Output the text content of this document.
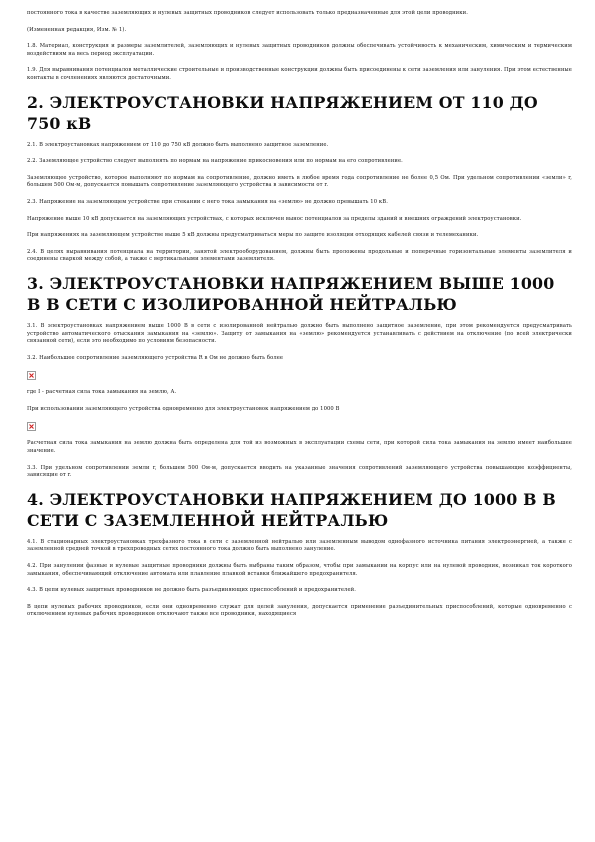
постоянного тока в качестве заземляющих и нулевых защитных проводников следует использовать только предназначенные для этой цели проводники.

(Измененная редакция, Изм. № 1).

1.8. Материал, конструкция и размеры заземлителей, заземляющих и нулевых защитных проводников должны обеспечивать устойчивость к механическим, химическим и термическим воздействиям на весь период эксплуатации.

1.9. Для выравнивания потенциалов металлические строительные и производственные конструкции должны быть присоединены к сети заземления или зануления. При этом естественные контакты в сочленениях являются достаточными.

2. ЭЛЕКТРОУСТАНОВКИ НАПРЯЖЕНИЕМ ОТ 110 ДО 750 кВ

2.1. В электроустановках напряжением от 110 до 750 кВ должно быть выполнено защитное заземление.

2.2. Заземляющее устройство следует выполнять по нормам на напряжение прикосновения или по нормам на его сопротивление.

Заземляющее устройство, которое выполняют по нормам на сопротивление, должно иметь в любое время года сопротивление не более 0,5 Ом. При удельном сопротивлении «земли» r, большем 500 Ом·м, допускается повышать сопротивление заземляющего устройства в зависимости от r.

2.3. Напряжение на заземляющем устройстве при стекании с него тока замыкания на «землю» не должно превышать 10 кВ.

Напряжение выше 10 кВ допускается на заземляющих устройствах, с которых исключен вынос потенциалов за пределы зданий и внешних ограждений электроустановки.

При напряжениях на заземляющем устройстве выше 5 кВ должны предусматриваться меры по защите изоляции отходящих кабелей связи и телемеханики.

2.4. В целях выравнивания потенциала на территории, занятой электрооборудованием, должны быть проложены продольные и поперечные горизонтальные элементы заземлителя и соединены сваркой между собой, а также с вертикальными элементами заземлителя.

3. ЭЛЕКТРОУСТАНОВКИ НАПРЯЖЕНИЕМ ВЫШЕ 1000 В В СЕТИ С ИЗОЛИРОВАННОЙ НЕЙТРАЛЬЮ

3.1. В электроустановках напряжением выше 1000 В в сети с изолированной нейтралью должно быть выполнено защитное заземление, при этом рекомендуется предусматривать устройство автоматического отыскания замыкания на «землю». Защиту от замыкания на «землю» рекомендуется устанавливать с действием на отключение (по всей электрически связанной сети), если это необходимо по условиям безопасности.

3.2. Наибольшее сопротивление заземляющего устройства R в Ом не должно быть более

где I - расчетная сила тока замыкания на землю, А.

При использовании заземляющего устройства одновременно для электроустановок напряжением до 1000 В

Расчетная сила тока замыкания на землю должна быть определена для той из возможных в эксплуатации схемы сети, при которой сила тока замыкания на землю имеет наибольшее значение.

3.3. При удельном сопротивлении земли r, большем 500 Ом·м, допускается вводить на указанные значения сопротивлений заземляющего устройства повышающие коэффициенты, зависящие от r.

4. ЭЛЕКТРОУСТАНОВКИ НАПРЯЖЕНИЕМ ДО 1000 В В СЕТИ С ЗАЗЕМЛЕННОЙ НЕЙТРАЛЬЮ

4.1. В стационарных электроустановках трехфазного тока в сети с заземленной нейтралью или заземленным выводом однофазного источника питания электроэнергией, а также с заземленной средней точкой в трехпроводных сетях постоянного тока должно быть выполнено зануление.

4.2. При занулении фазные и нулевые защитные проводники должны быть выбраны таким образом, чтобы при замыкании на корпус или на нулевой проводник, возникал ток короткого замыкания, обеспечивающий отключение автомата или плавление плавкой вставки ближайшего предохранителя.

4.3. В цепи нулевых защитных проводников не должно быть разъединяющих приспособлений и предохранителей.

В цепи нулевых рабочих проводников, если они одновременно служат для целей зануления, допускается применение разъединительных приспособлений, которые одновременно с отключением нулевых рабочих проводников отключают также все проводники, находящиеся
